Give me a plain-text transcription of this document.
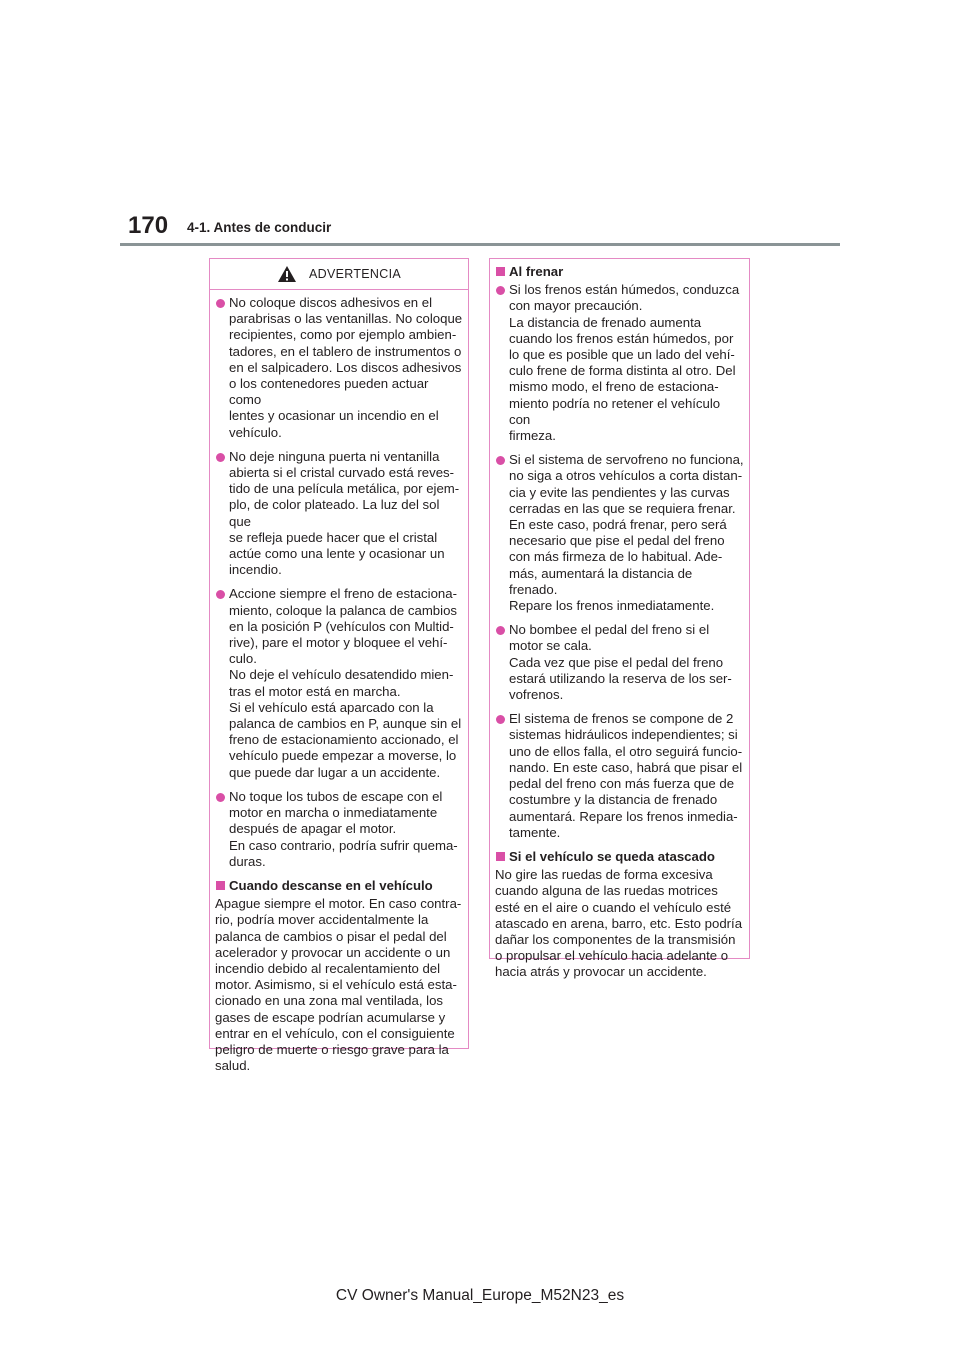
170 4-1. Antes de conducir
ADVERTENCIA
No coloque discos adhesivos en el
parabrisas o las ventanillas. No coloque
recipientes, como por ejemplo ambien-
tadores, en el tablero de instrumentos o
en el salpicadero. Los discos adhesivos
o los contenedores pueden actuar como
lentes y ocasionar un incendio en el
vehículo.
No deje ninguna puerta ni ventanilla
abierta si el cristal curvado está reves-
tido de una película metálica, por ejem-
plo, de color plateado. La luz del sol que
se refleja puede hacer que el cristal
actúe como una lente y ocasionar un
incendio.
Accione siempre el freno de estaciona-
miento, coloque la palanca de cambios
en la posición P (vehículos con Multid-
rive), pare el motor y bloquee el vehí-
culo.
No deje el vehículo desatendido mien-
tras el motor está en marcha.
Si el vehículo está aparcado con la
palanca de cambios en P, aunque sin el
freno de estacionamiento accionado, el
vehículo puede empezar a moverse, lo
que puede dar lugar a un accidente.
No toque los tubos de escape con el
motor en marcha o inmediatamente
después de apagar el motor.
En caso contrario, podría sufrir quema-
duras.
Cuando descanse en el vehículo
Apague siempre el motor. En caso contra-
rio, podría mover accidentalmente la
palanca de cambios o pisar el pedal del
acelerador y provocar un accidente o un
incendio debido al recalentamiento del
motor. Asimismo, si el vehículo está esta-
cionado en una zona mal ventilada, los
gases de escape podrían acumularse y
entrar en el vehículo, con el consiguiente
peligro de muerte o riesgo grave para la
salud.
Al frenar
Si los frenos están húmedos, conduzca
con mayor precaución.
La distancia de frenado aumenta
cuando los frenos están húmedos, por
lo que es posible que un lado del vehí-
culo frene de forma distinta al otro. Del
mismo modo, el freno de estaciona-
miento podría no retener el vehículo con
firmeza.
Si el sistema de servofreno no funciona,
no siga a otros vehículos a corta distan-
cia y evite las pendientes y las curvas
cerradas en las que se requiera frenar.
En este caso, podrá frenar, pero será
necesario que pise el pedal del freno
con más firmeza de lo habitual. Ade-
más, aumentará la distancia de frenado.
Repare los frenos inmediatamente.
No bombee el pedal del freno si el
motor se cala.
Cada vez que pise el pedal del freno
estará utilizando la reserva de los ser-
vofrenos.
El sistema de frenos se compone de 2
sistemas hidráulicos independientes; si
uno de ellos falla, el otro seguirá funcio-
nando. En este caso, habrá que pisar el
pedal del freno con más fuerza que de
costumbre y la distancia de frenado
aumentará. Repare los frenos inmedia-
tamente.
Si el vehículo se queda atascado
No gire las ruedas de forma excesiva
cuando alguna de las ruedas motrices
esté en el aire o cuando el vehículo esté
atascado en arena, barro, etc. Esto podría
dañar los componentes de la transmisión
o propulsar el vehículo hacia adelante o
hacia atrás y provocar un accidente.
CV Owner's Manual_Europe_M52N23_es
